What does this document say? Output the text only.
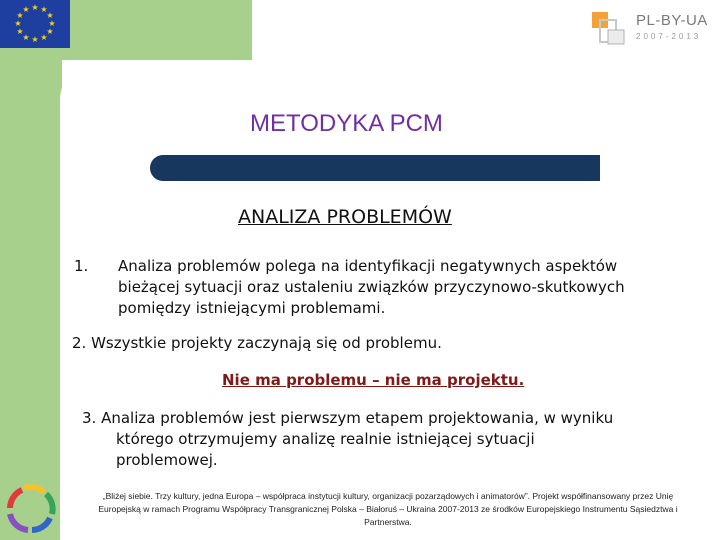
★ ★
★
★
★
★
★
★
★
★
★
★
PL-BY-UA
2007-2013
METODYKA PCM
ANALIZA PROBLEMÓW
1. Analiza problemów polega na identyfikacji negatywnych aspektów bieżącej sytuacji oraz ustaleniu związków przyczynowo-skutkowych pomiędzy istniejącymi problemami.
2. Wszystkie projekty zaczynają się od problemu.
Nie ma problemu – nie ma projektu.
3. Analiza problemów jest pierwszym etapem projektowania, w wyniku
którego otrzymujemy analizę realnie istniejącej sytuacji
problemowej.
„Bliżej siebie. Trzy kultury, jedna Europa – współpraca instytucji kultury, organizacji pozarządowych i animatorów”. Projekt współfinansowany przez Unię Europejską w ramach Programu Współpracy Transgranicznej Polska – Białoruś – Ukraina 2007-2013 ze środków Europejskiego Instrumentu Sąsiedztwa i Partnerstwa.
